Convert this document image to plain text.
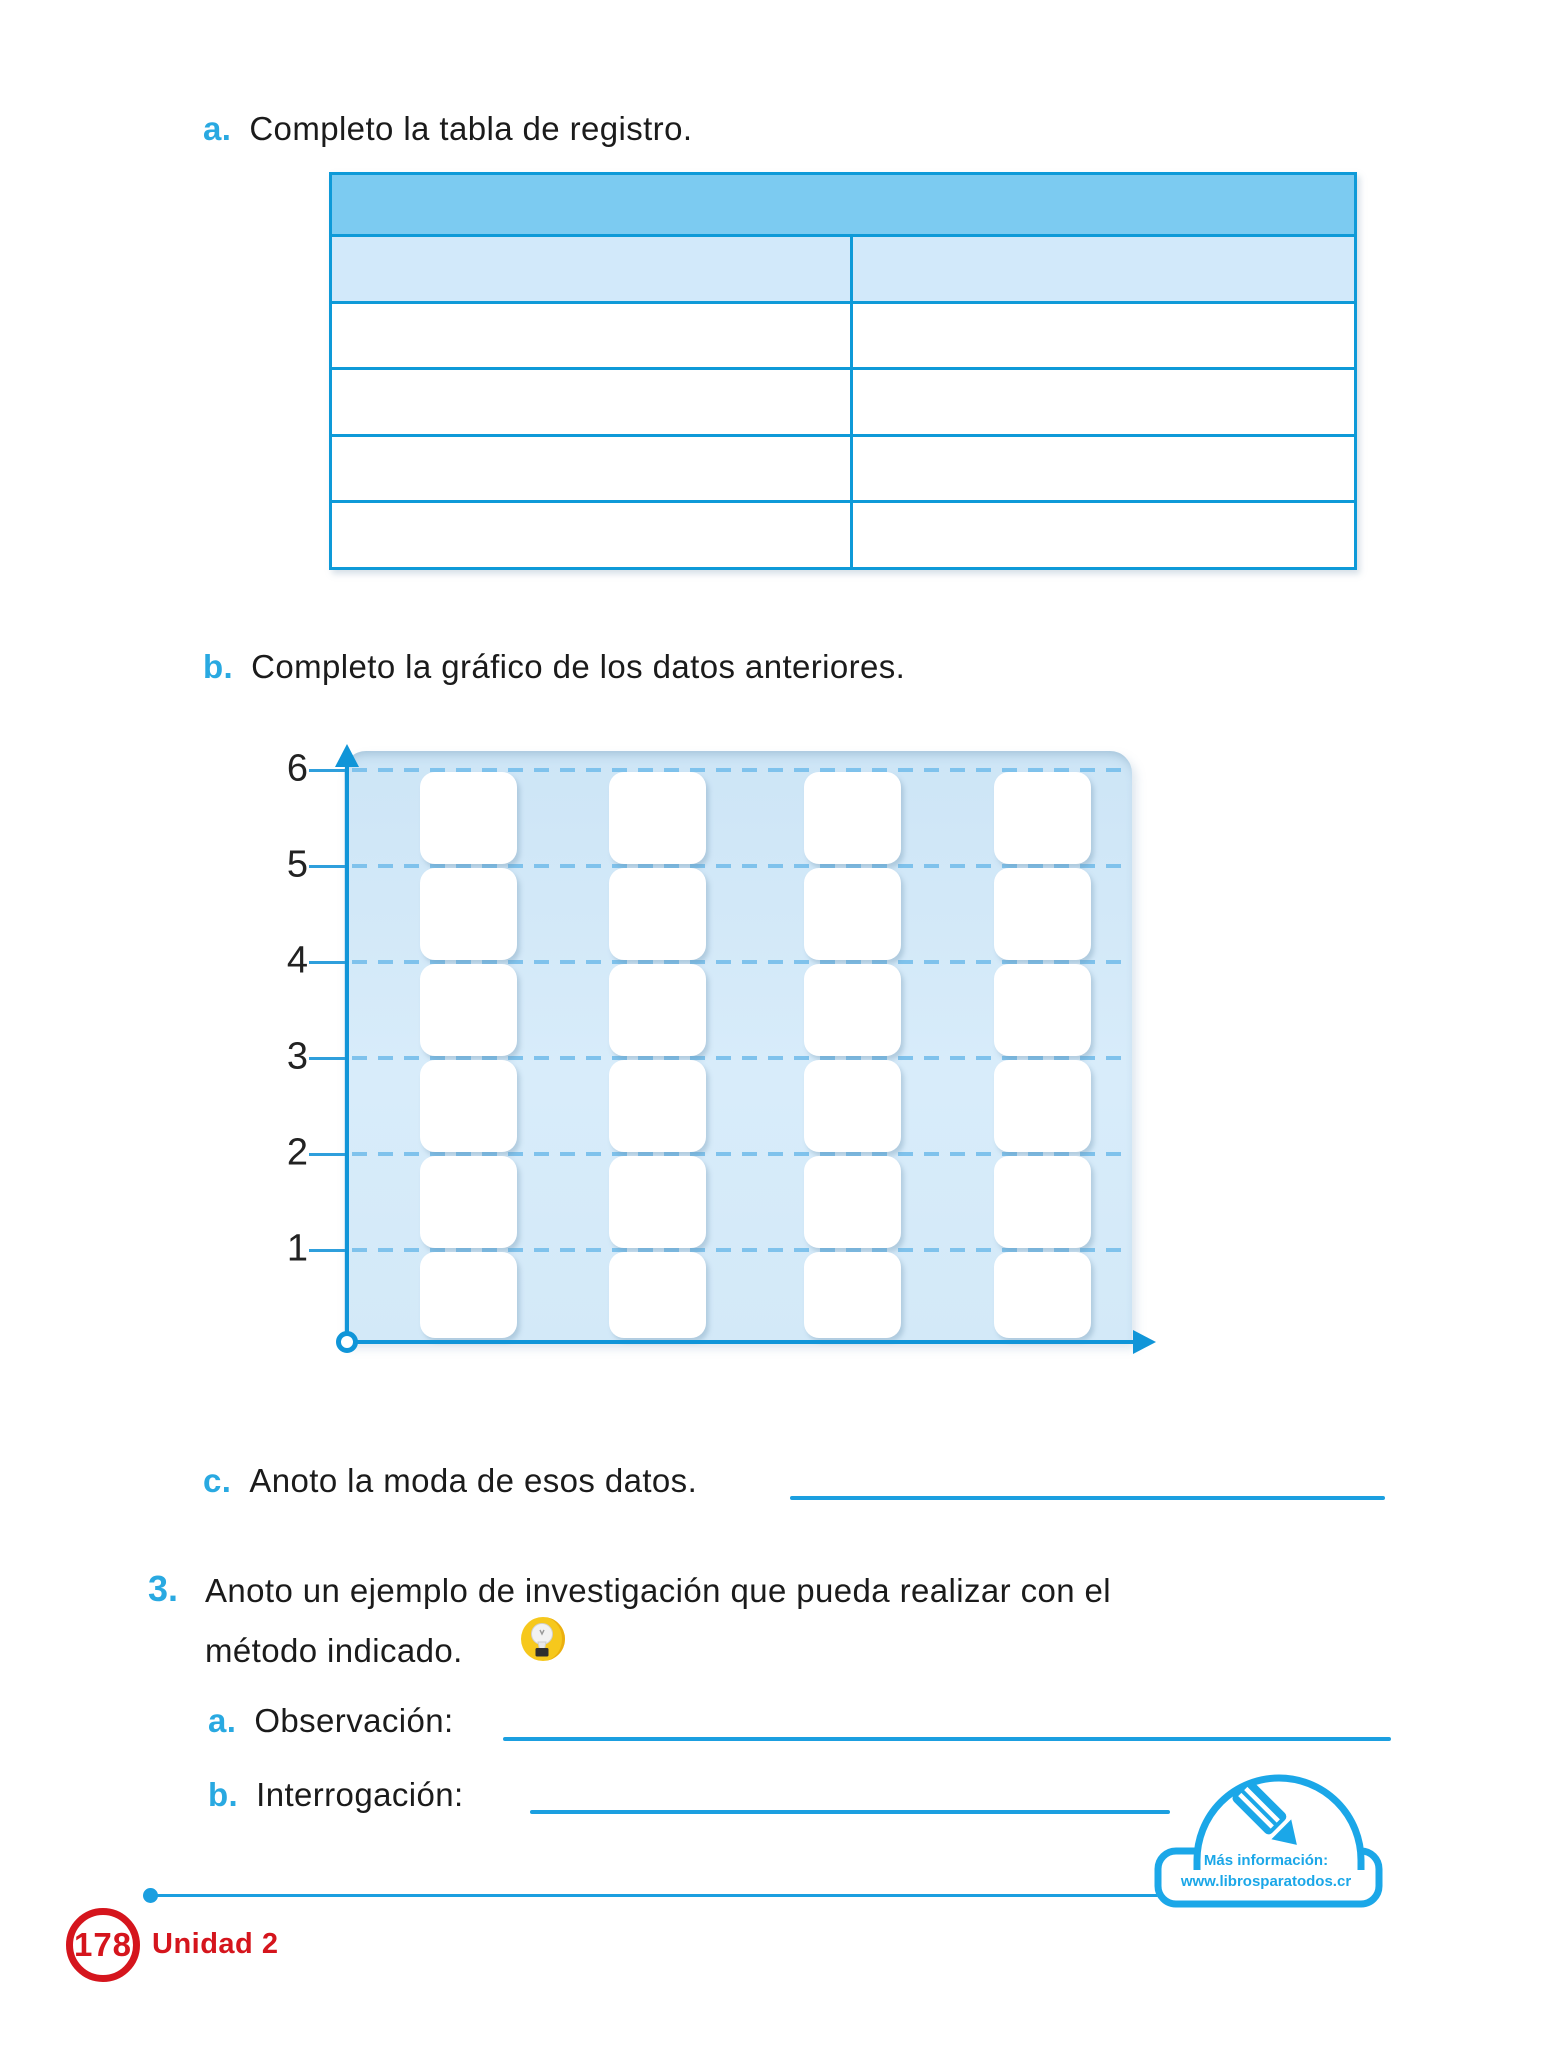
a. Completo la tabla de registro.
b. Completo la gráfico de los datos anteriores.
6
5
4
3
2
1
c. Anoto la moda de esos datos.
3. Anoto un ejemplo de investigación que pueda realizar con el
método indicado.
a. Observación:
b. Interrogación:
Más información:
www.librosparatodos.cr
178 Unidad 2
